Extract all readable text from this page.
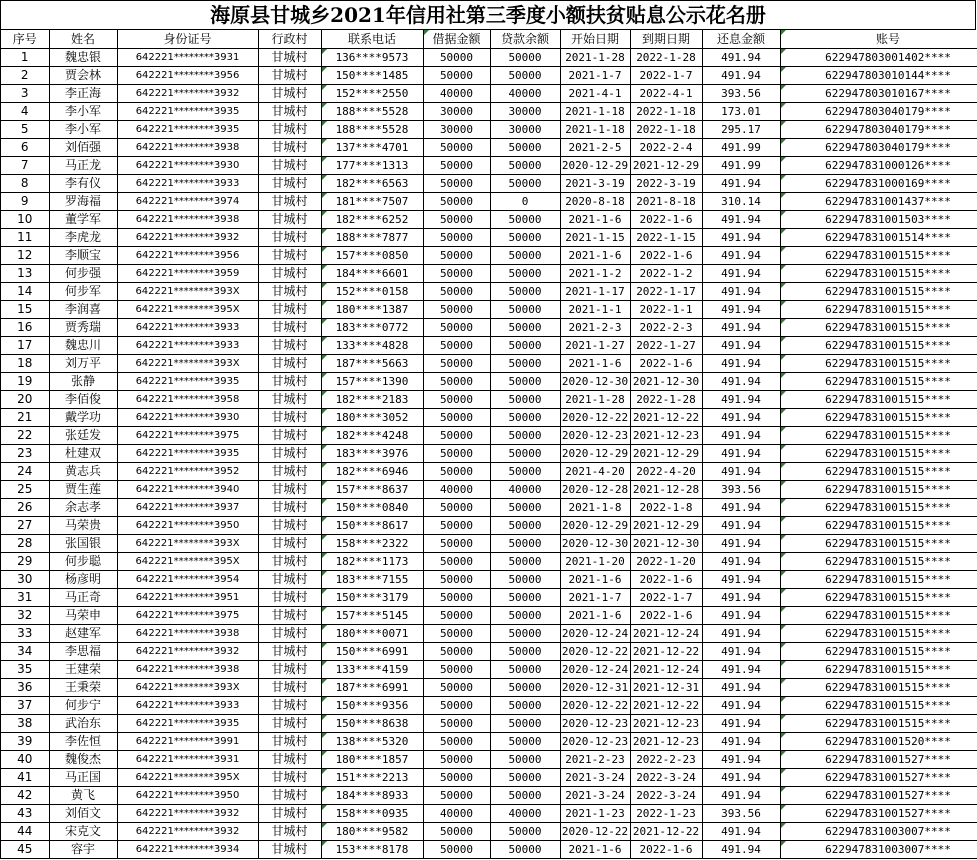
海原县甘城乡2021年信用社第三季度小额扶贫贴息公示花名册
序号	姓名	身份证号	行政村	联系电话	借据金额	贷款余额	开始日期	到期日期	还息金额	账号
1	魏忠银	642221********3931	甘城村	136****9573	50000	50000	2021-1-28	2022-1-28	491.94	622947803001402****
2	贾会林	642221********3956	甘城村	150****1485	50000	50000	2021-1-7	2022-1-7	491.94	622947803010144****
3	李正海	642221********3932	甘城村	152****2550	40000	40000	2021-4-1	2022-4-1	393.56	622947803010167****
4	李小军	642221********3935	甘城村	188****5528	30000	30000	2021-1-18	2022-1-18	173.01	622947803040179****
5	李小军	642221********3935	甘城村	188****5528	30000	30000	2021-1-18	2022-1-18	295.17	622947803040179****
6	刘佰强	642221********3938	甘城村	137****4701	50000	50000	2021-2-5	2022-2-4	491.99	622947803040179****
7	马正龙	642221********3930	甘城村	177****1313	50000	50000	2020-12-29	2021-12-29	491.99	622947831000126****
8	李有仪	642221********3933	甘城村	182****6563	50000	50000	2021-3-19	2022-3-19	491.94	622947831000169****
9	罗海福	642221********3974	甘城村	181****7507	50000	0	2020-8-18	2021-8-18	310.14	622947831001437****
10	董学军	642221********3938	甘城村	182****6252	50000	50000	2021-1-6	2022-1-6	491.94	622947831001503****
11	李虎龙	642221********3932	甘城村	188****7877	50000	50000	2021-1-15	2022-1-15	491.94	622947831001514****
12	李顺宝	642221********3956	甘城村	157****0850	50000	50000	2021-1-6	2022-1-6	491.94	622947831001515****
13	何步强	642221********3959	甘城村	184****6601	50000	50000	2021-1-2	2022-1-2	491.94	622947831001515****
14	何步军	642221********393X	甘城村	152****0158	50000	50000	2021-1-17	2022-1-17	491.94	622947831001515****
15	李润喜	642221********395X	甘城村	180****1387	50000	50000	2021-1-1	2022-1-1	491.94	622947831001515****
16	贾秀瑞	642221********3933	甘城村	183****0772	50000	50000	2021-2-3	2022-2-3	491.94	622947831001515****
17	魏忠川	642221********3933	甘城村	133****4828	50000	50000	2021-1-27	2022-1-27	491.94	622947831001515****
18	刘万平	642221********393X	甘城村	187****5663	50000	50000	2021-1-6	2022-1-6	491.94	622947831001515****
19	张静	642221********3935	甘城村	157****1390	50000	50000	2020-12-30	2021-12-30	491.94	622947831001515****
20	李佰俊	642221********3958	甘城村	182****2183	50000	50000	2021-1-28	2022-1-28	491.94	622947831001515****
21	戴学功	642221********3930	甘城村	180****3052	50000	50000	2020-12-22	2021-12-22	491.94	622947831001515****
22	张廷发	642221********3975	甘城村	182****4248	50000	50000	2020-12-23	2021-12-23	491.94	622947831001515****
23	杜建双	642221********3935	甘城村	183****3976	50000	50000	2020-12-29	2021-12-29	491.94	622947831001515****
24	黄志兵	642221********3952	甘城村	182****6946	50000	50000	2021-4-20	2022-4-20	491.94	622947831001515****
25	贾生莲	642221********3940	甘城村	157****8637	40000	40000	2020-12-28	2021-12-28	393.56	622947831001515****
26	余志孝	642221********3937	甘城村	150****0840	50000	50000	2021-1-8	2022-1-8	491.94	622947831001515****
27	马荣贵	642221********3950	甘城村	150****8617	50000	50000	2020-12-29	2021-12-29	491.94	622947831001515****
28	张国银	642221********393X	甘城村	158****2322	50000	50000	2020-12-30	2021-12-30	491.94	622947831001515****
29	何步聪	642221********395X	甘城村	182****1173	50000	50000	2021-1-20	2022-1-20	491.94	622947831001515****
30	杨彦明	642221********3954	甘城村	183****7155	50000	50000	2021-1-6	2022-1-6	491.94	622947831001515****
31	马正奇	642221********3951	甘城村	150****3179	50000	50000	2021-1-7	2022-1-7	491.94	622947831001515****
32	马荣申	642221********3975	甘城村	157****5145	50000	50000	2021-1-6	2022-1-6	491.94	622947831001515****
33	赵建军	642221********3938	甘城村	180****0071	50000	50000	2020-12-24	2021-12-24	491.94	622947831001515****
34	李思福	642221********3932	甘城村	150****6991	50000	50000	2020-12-22	2021-12-22	491.94	622947831001515****
35	王建荣	642221********3938	甘城村	133****4159	50000	50000	2020-12-24	2021-12-24	491.94	622947831001515****
36	王秉荣	642221********393X	甘城村	187****6991	50000	50000	2020-12-31	2021-12-31	491.94	622947831001515****
37	何步宁	642221********3933	甘城村	150****9356	50000	50000	2020-12-22	2021-12-22	491.94	622947831001515****
38	武治东	642221********3935	甘城村	150****8638	50000	50000	2020-12-23	2021-12-23	491.94	622947831001515****
39	李佐恒	642221********3991	甘城村	138****5320	50000	50000	2020-12-23	2021-12-23	491.94	622947831001520****
40	魏俊杰	642221********3931	甘城村	180****1857	50000	50000	2021-2-23	2022-2-23	491.94	622947831001527****
41	马正国	642221********395X	甘城村	151****2213	50000	50000	2021-3-24	2022-3-24	491.94	622947831001527****
42	黄飞	642221********3950	甘城村	184****8933	50000	50000	2021-3-24	2022-3-24	491.94	622947831001527****
43	刘佰文	642221********3932	甘城村	158****0935	40000	40000	2021-1-23	2022-1-23	393.56	622947831001527****
44	宋克文	642221********3932	甘城村	180****9582	50000	50000	2020-12-22	2021-12-22	491.94	622947831003007****
45	容宇	642221********3934	甘城村	153****8178	50000	50000	2021-1-6	2022-1-6	491.94	622947831003007****
